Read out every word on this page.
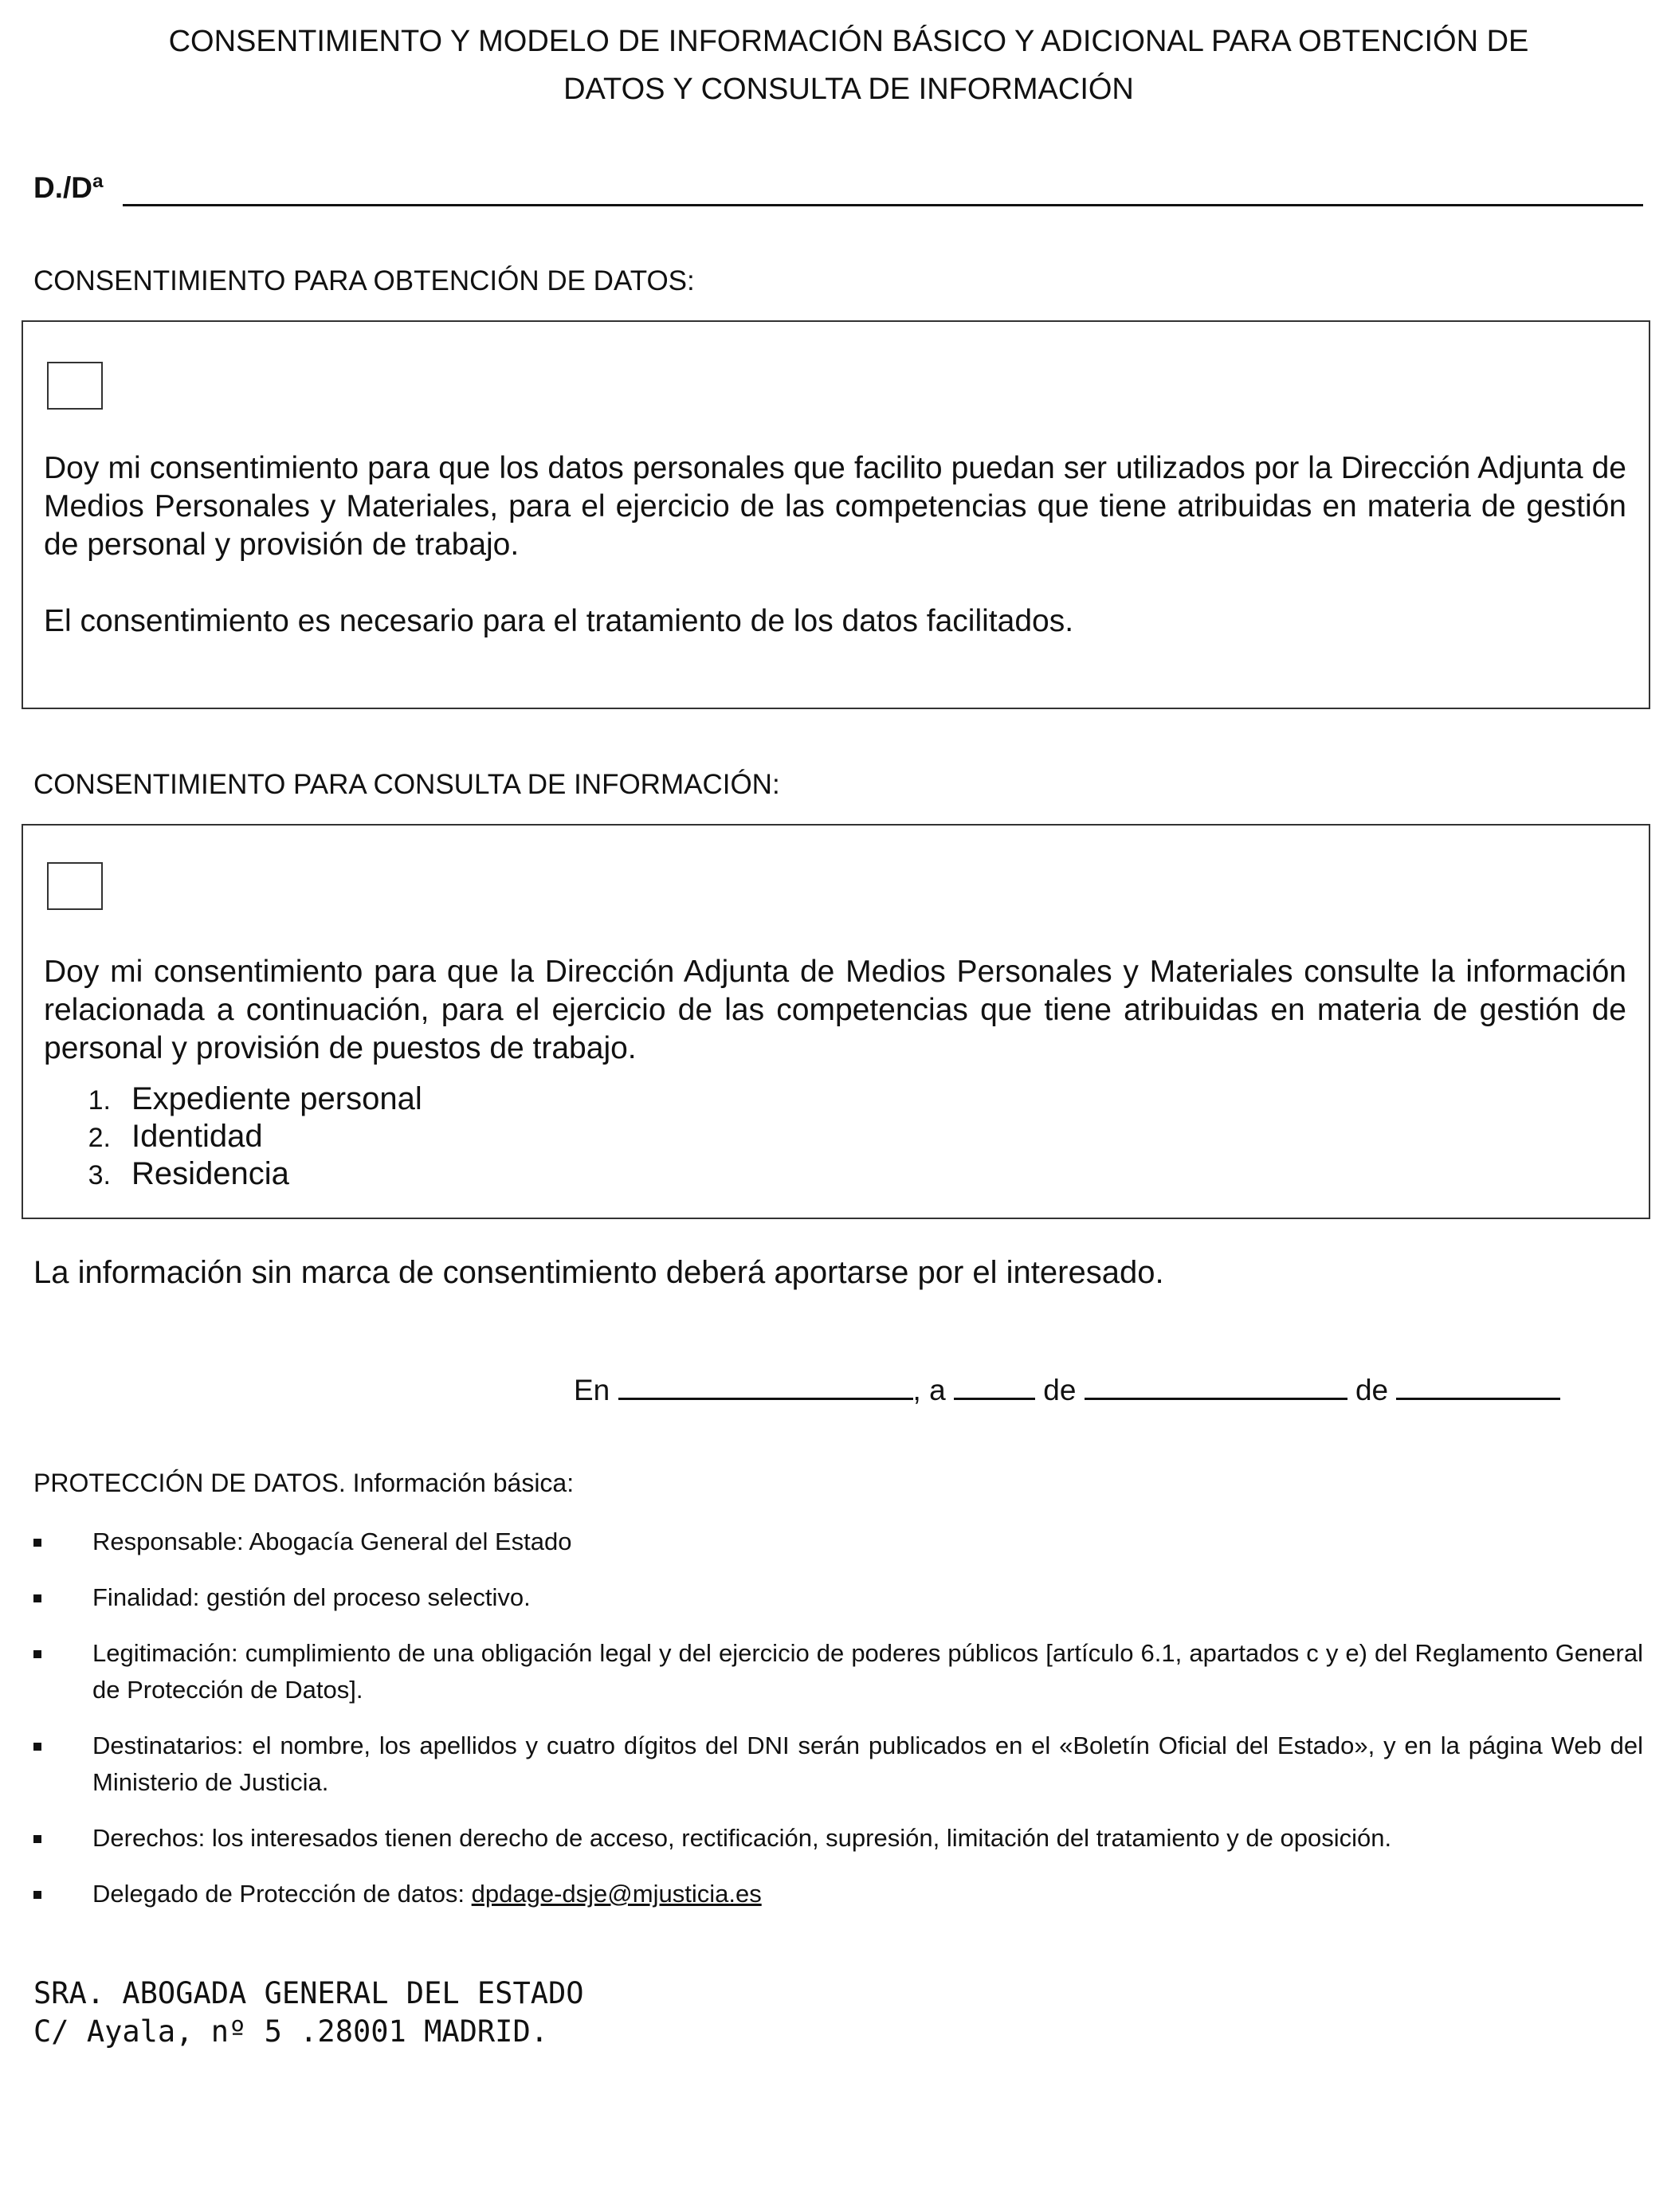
CONSENTIMIENTO Y MODELO DE INFORMACIÓN BÁSICO Y ADICIONAL PARA OBTENCIÓN DE
DATOS Y CONSULTA DE INFORMACIÓN
D./Dª
CONSENTIMIENTO PARA OBTENCIÓN DE DATOS:

Doy mi consentimiento para que los datos personales que facilito puedan ser utilizados por la Dirección Adjunta de Medios Personales y Materiales, para el ejercicio de las competencias que tiene atribuidas en materia de gestión de personal y provisión de trabajo.

El consentimiento es necesario para el tratamiento de los datos facilitados.
CONSENTIMIENTO PARA CONSULTA DE INFORMACIÓN:

Doy mi consentimiento para que la Dirección Adjunta de Medios Personales y Materiales consulte la información relacionada a continuación, para el ejercicio de las competencias que tiene atribuidas en materia de gestión de personal y provisión de puestos de trabajo.

1. Expediente personal
2. Identidad
3. Residencia
La información sin marca de consentimiento deberá aportarse por el interesado.
En	, a	de	de
PROTECCIÓN DE DATOS. Información básica:
Responsable: Abogacía General del Estado
Finalidad: gestión del proceso selectivo.
Legitimación: cumplimiento de una obligación legal y del ejercicio de poderes públicos [artículo 6.1, apartados c y e) del Reglamento General de Protección de Datos].
Destinatarios: el nombre, los apellidos y cuatro dígitos del DNI serán publicados en el «Boletín Oficial del Estado», y en la página Web del Ministerio de Justicia.
Derechos: los interesados tienen derecho de acceso, rectificación, supresión, limitación del tratamiento y de oposición.
Delegado de Protección de datos: dpdage-dsje@mjusticia.es
SRA. ABOGADA GENERAL DEL ESTADO
C/ Ayala, nº 5 .28001 MADRID.
